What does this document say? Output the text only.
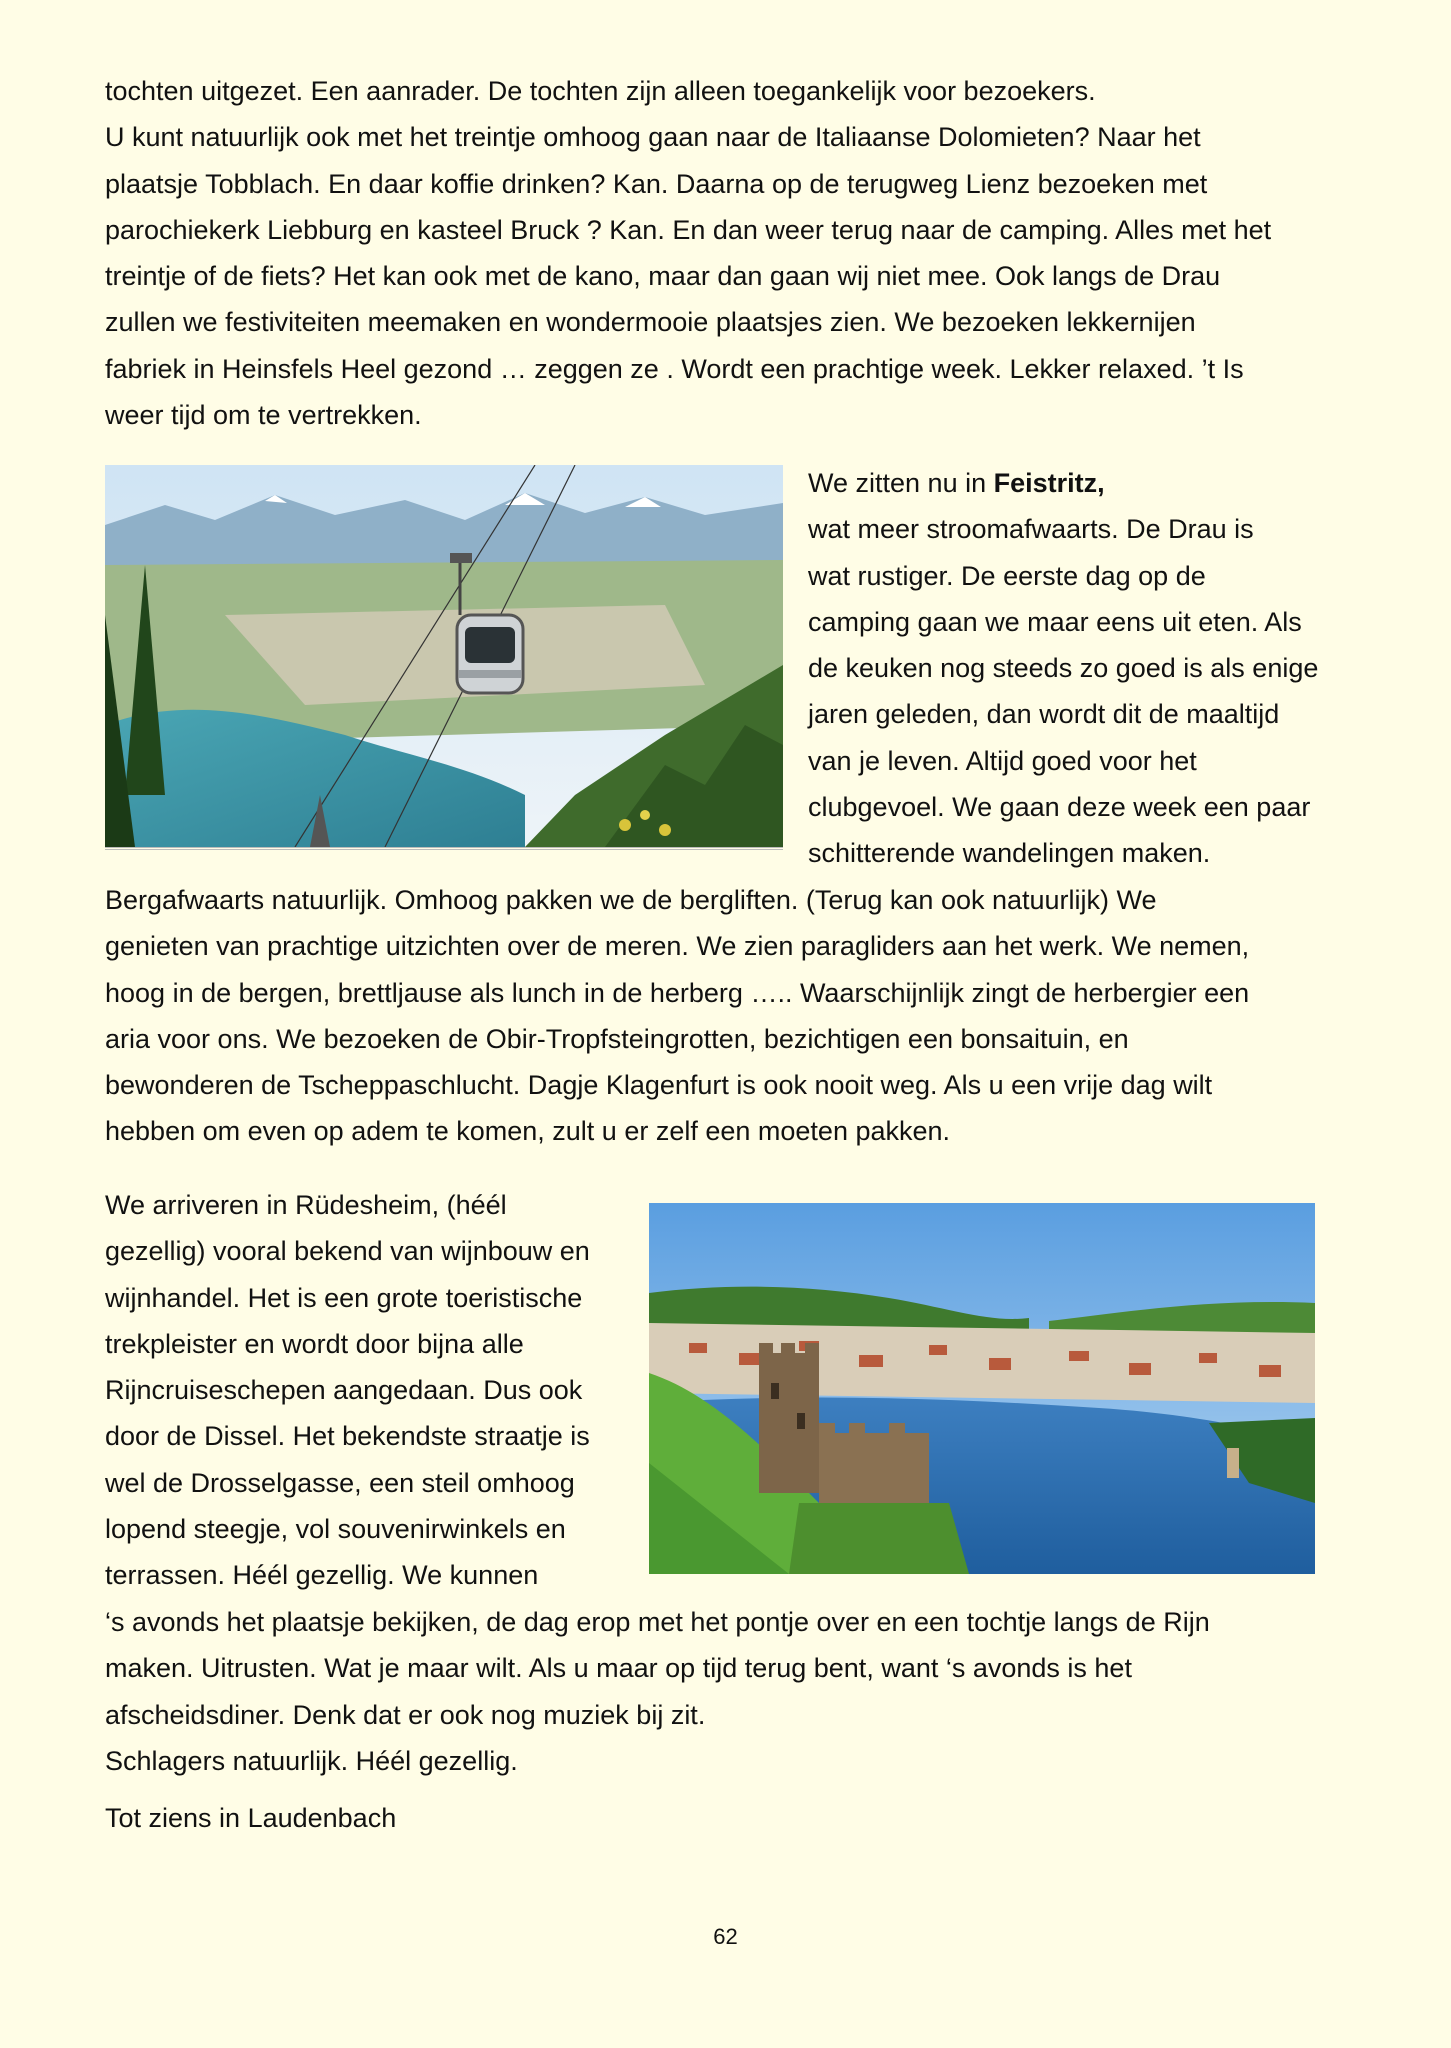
tochten uitgezet. Een aanrader. De tochten zijn alleen toegankelijk voor bezoekers.
U kunt natuurlijk ook met het treintje omhoog gaan naar de Italiaanse Dolomieten? Naar het
plaatsje Tobblach. En daar koffie drinken? Kan. Daarna op de terugweg Lienz bezoeken met
parochiekerk Liebburg en kasteel Bruck ? Kan. En dan weer terug naar de camping. Alles met het
treintje of de fiets? Het kan ook met de kano, maar dan gaan wij niet mee. Ook langs de Drau
zullen we festiviteiten meemaken en wondermooie plaatsjes zien. We bezoeken lekkernijen
fabriek in Heinsfels Heel gezond … zeggen ze . Wordt een prachtige week. Lekker relaxed. ’t Is
weer tijd om te vertrekken.

We zitten nu in Feistritz,
wat meer stroomafwaarts. De Drau is
wat rustiger. De eerste dag op de
camping gaan we maar eens uit eten. Als
de keuken nog steeds zo goed is als enige
jaren geleden, dan wordt dit de maaltijd
van je leven. Altijd goed voor het
clubgevoel. We gaan deze week een paar
schitterende wandelingen maken.

Bergafwaarts natuurlijk. Omhoog pakken we de bergliften. (Terug kan ook natuurlijk) We
genieten van prachtige uitzichten over de meren. We zien paragliders aan het werk. We nemen,
hoog in de bergen, brettljause als lunch in de herberg ….. Waarschijnlijk zingt de herbergier een
aria voor ons. We bezoeken de Obir-Tropfsteingrotten, bezichtigen een bonsaituin, en
bewonderen de Tscheppaschlucht. Dagje Klagenfurt is ook nooit weg. Als u een vrije dag wilt
hebben om even op adem te komen, zult u er zelf een moeten pakken.

We arriveren in Rüdesheim, (héél
gezellig) vooral bekend van wijnbouw en
wijnhandel. Het is een grote toeristische
trekpleister en wordt door bijna alle
Rijncruiseschepen aangedaan. Dus ook
door de Dissel. Het bekendste straatje is
wel de Drosselgasse, een steil omhoog
lopend steegje, vol souvenirwinkels en
terrassen. Héél gezellig. We kunnen

‘s avonds het plaatsje bekijken, de dag erop met het pontje over en een tochtje langs de Rijn
maken. Uitrusten. Wat je maar wilt. Als u maar op tijd terug bent, want ‘s avonds is het
afscheidsdiner. Denk dat er ook nog muziek bij zit.
Schlagers natuurlijk. Héél gezellig.

Tot ziens in Laudenbach

62
